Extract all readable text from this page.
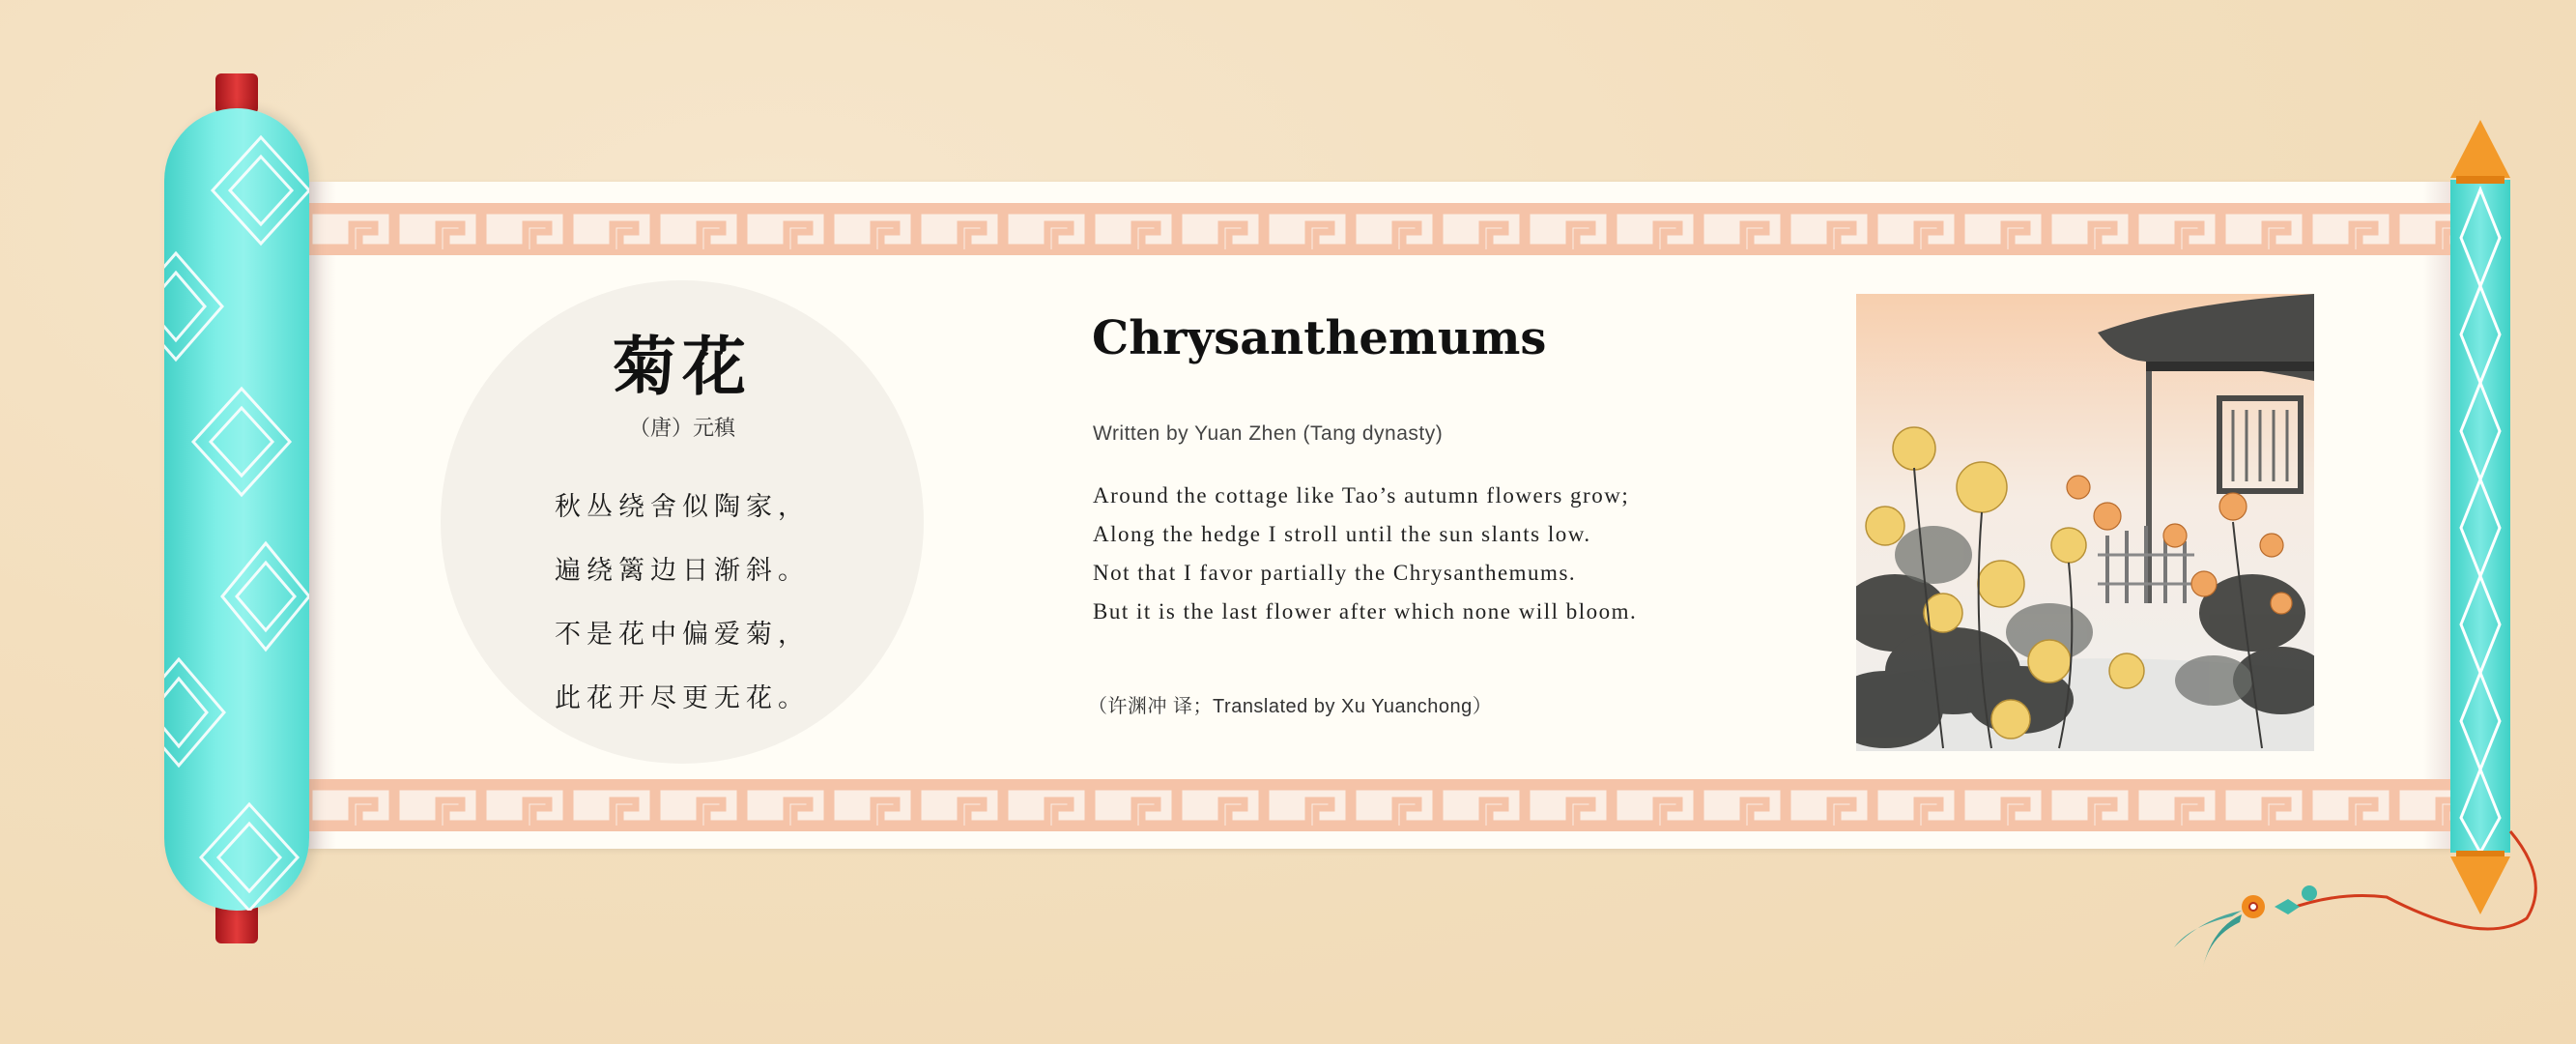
菊花
（唐）元稹
秋丛绕舍似陶家，
遍绕篱边日渐斜。
不是花中偏爱菊，
此花开尽更无花。
Chrysanthemums
Written by Yuan Zhen (Tang dynasty)
Around the cottage like Tao’s autumn flowers grow;
Along the hedge I stroll until the sun slants low.
Not that I favor partially the Chrysanthemums.
But it is the last flower after which none will bloom.
（许渊冲 译；Translated by Xu Yuanchong）
